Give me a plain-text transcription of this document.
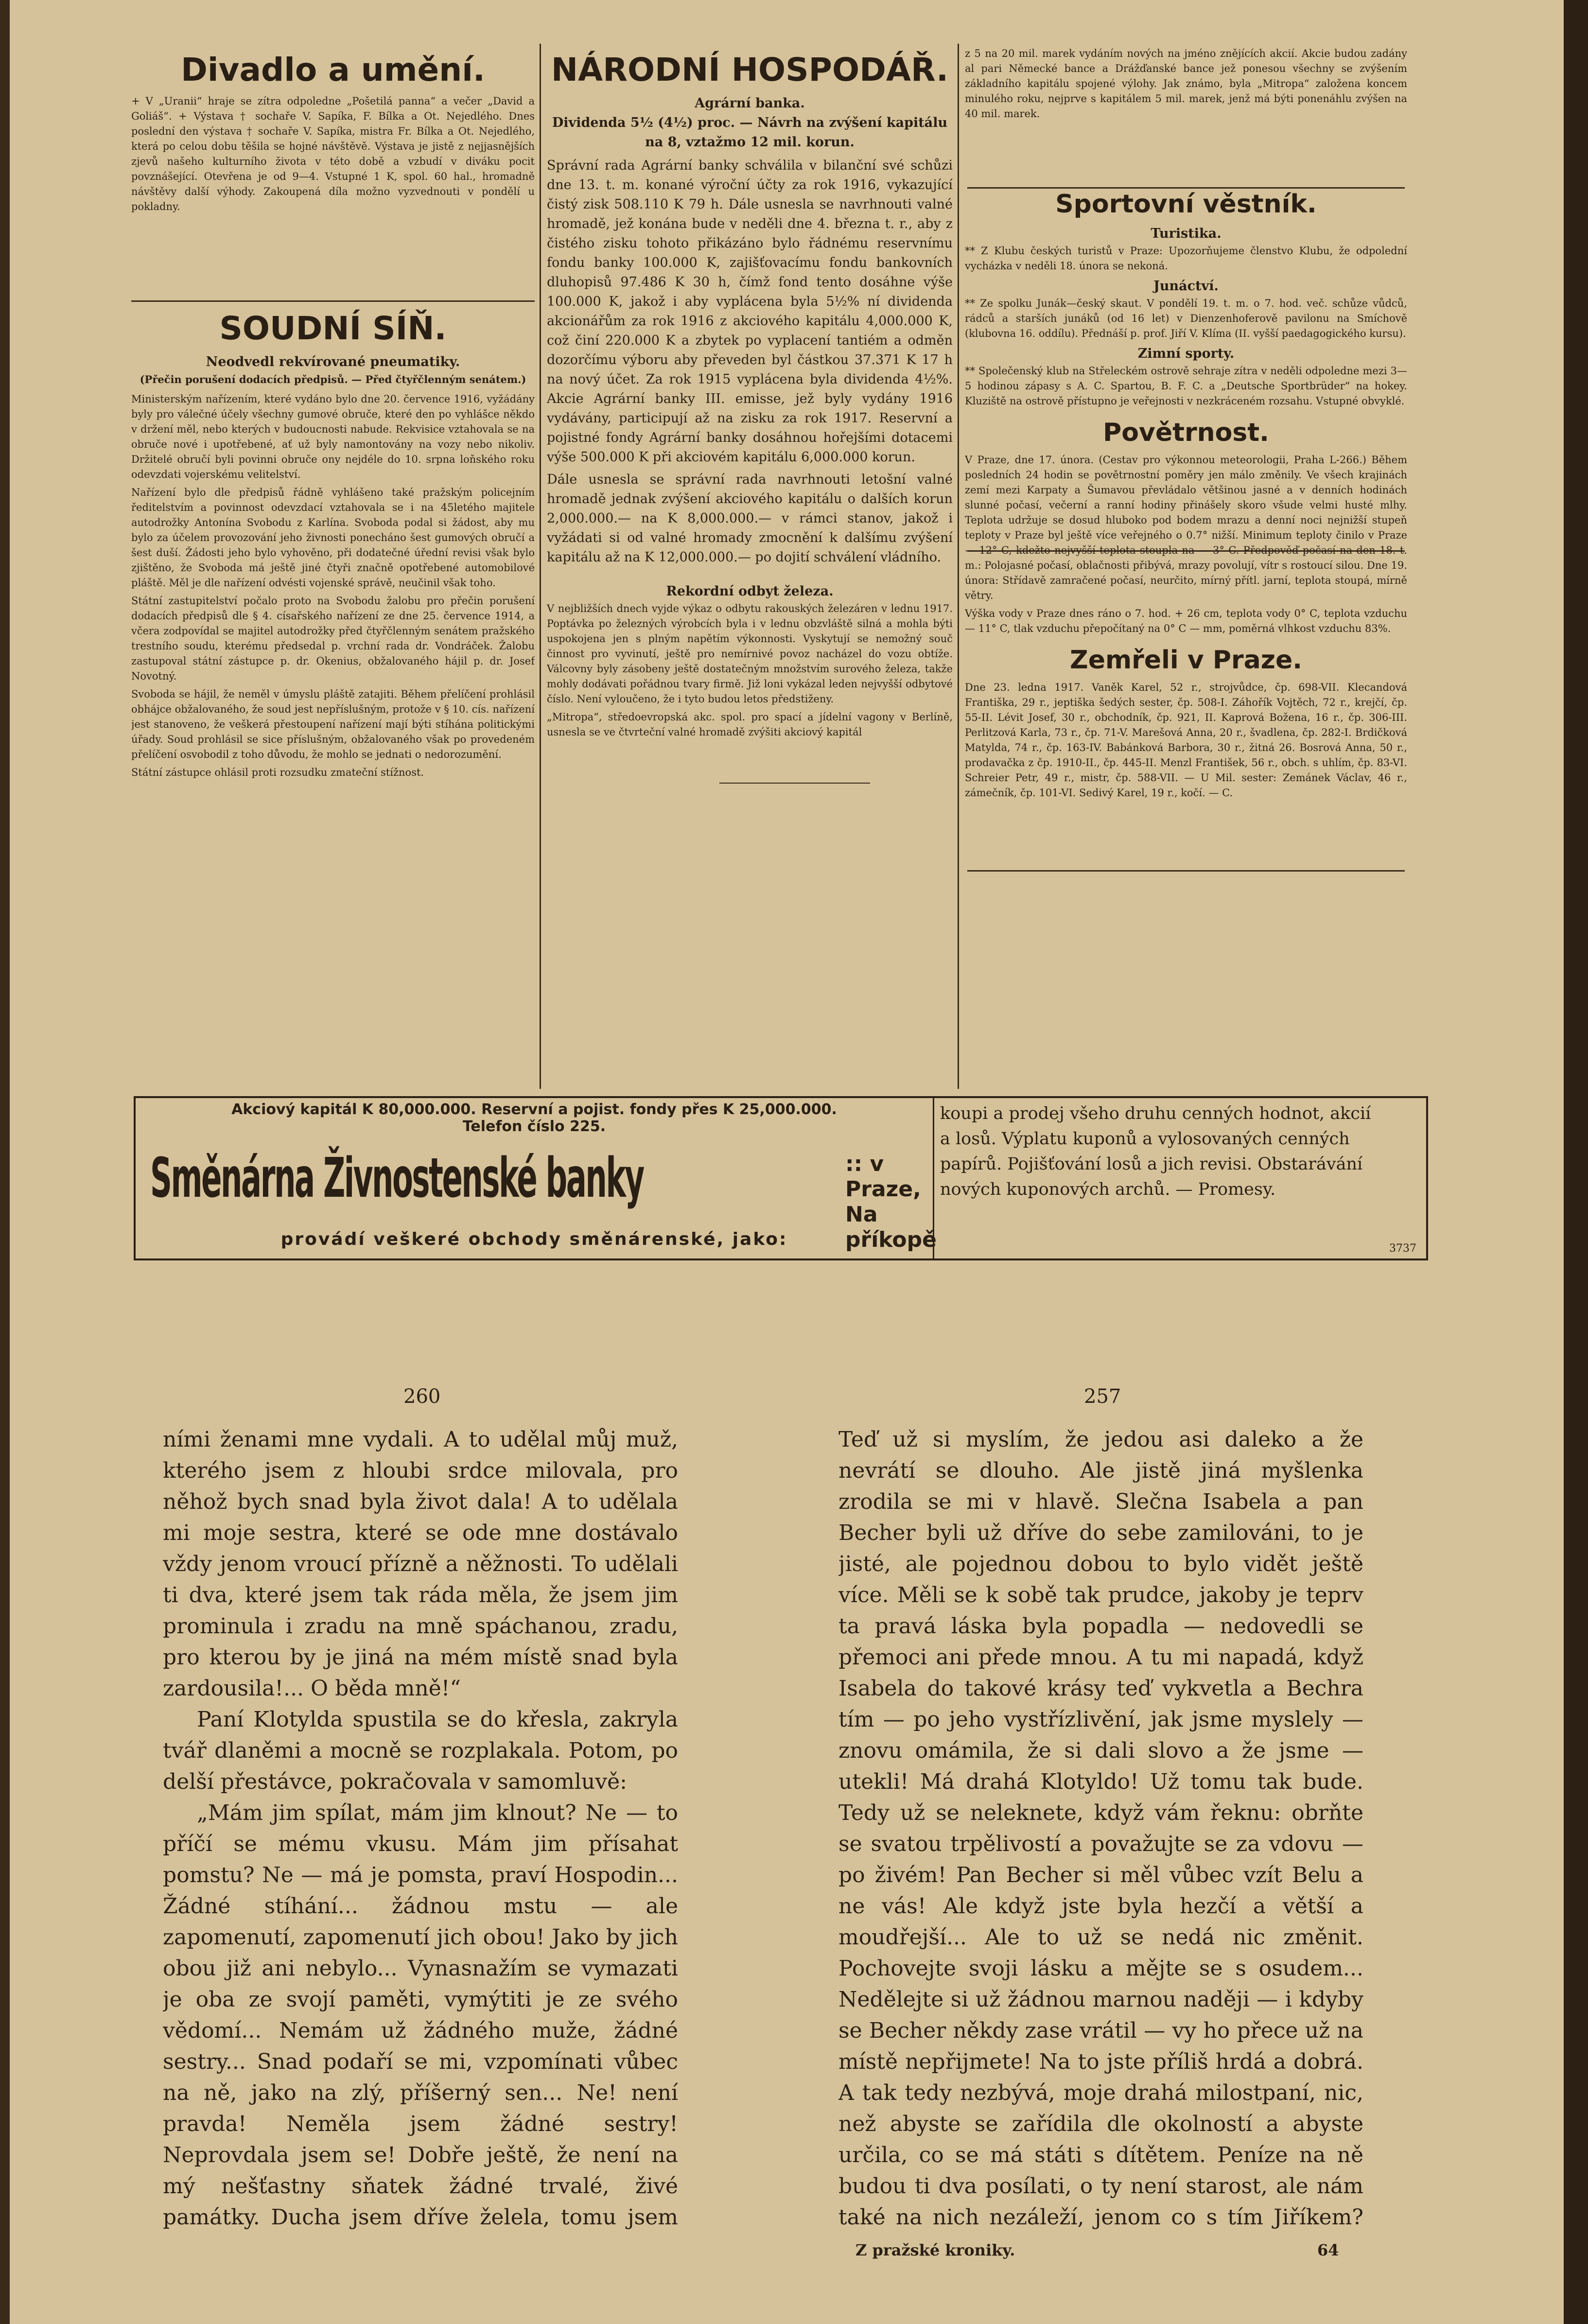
Divadlo a umění.

+ V „Uranii“ hraje se zítra odpoledne „Pošetilá panna“ a večer „David a Goliáš“. + Výstava † sochaře V. Sapíka, F. Bílka a Ot. Nejedlého. Dnes poslední den výstava † sochaře V. Sapíka, mistra Fr. Bílka a Ot. Nejedlého, která po celou dobu těšila se hojné návštěvě. Výstava je jistě z nejjasnějších zjevů našeho kulturního života v této době a vzbudí v diváku pocit povznášející. Otevřena je od 9—4. Vstupné 1 K, spol. 60 hal., hromadně návštěvy další výhody. Zakoupená díla možno vyzvednouti v pondělí u pokladny.

SOUDNÍ SÍŇ.
Neodvedl rekvírované pneumatiky.
(Přečin porušení dodacích předpisů. — Před čtyřčlenným senátem.)

Ministerským nařízením, které vydáno bylo dne 20. července 1916, vyžádány byly pro válečné účely všechny gumové obruče, které den po vyhlášce někdo v držení měl, nebo kterých v budoucnosti nabude. Rekvisice vztahovala se na obruče nové i upotřebené, ať už byly namontovány na vozy nebo nikoliv. Držitelé obručí byli povinni obruče ony nejdéle do 10. srpna loňského roku odevzdati vojerskému velitelství.

Nařízení bylo dle předpisů řádně vyhlášeno také pražským policejním ředitelstvím a povinnost odevzdací vztahovala se i na 45letého majitele autodrožky Antonína Svobodu z Karlína. Svoboda podal si žádost, aby mu bylo za účelem provozování jeho živnosti ponecháno šest gumových obručí a šest duší. Žádosti jeho bylo vyhověno, při dodatečné úřední revisi však bylo zjištěno, že Svoboda má ještě jiné čtyři značně opotřebené automobilové pláště. Měl je dle nařízení odvésti vojenské správě, neučinil však toho.

Státní zastupitelství počalo proto na Svobodu žalobu pro přečin porušení dodacích předpisů dle § 4. císařského nařízení ze dne 25. července 1914, a včera zodpovídal se majitel autodrožky před čtyřčlenným senátem pražského trestního soudu, kterému předsedal p. vrchní rada dr. Vondráček. Žalobu zastupoval státní zástupce p. dr. Okenius, obžalovaného hájil p. dr. Josef Novotný.

Svoboda se hájil, že neměl v úmyslu pláště zatajiti. Během přelíčení prohlásil obhájce obžalovaného, že soud jest nepříslušným, protože v § 10. cís. nařízení jest stanoveno, že veškerá přestoupení nařízení mají býti stíhána politickými úřady. Soud prohlásil se sice příslušným, obžalovaného však po provedeném přelíčení osvobodil z toho důvodu, že mohlo se jednati o nedorozumění.

Státní zástupce ohlásil proti rozsudku zmateční stížnost.

NÁRODNÍ HOSPODÁŘ.
Agrární banka.
Dividenda 5½ (4½) proc. — Návrh na zvýšení kapitálu na 8, vztažmo 12 mil. korun.

Správní rada Agrární banky schválila v bilanční své schůzi dne 13. t. m. konané výroční účty za rok 1916, vykazující čistý zisk 508.110 K 79 h. Dále usnesla se navrhnouti valné hromadě, jež konána bude v neděli dne 4. března t. r., aby z čistého zisku tohoto přikázáno bylo řádnému reservnímu fondu banky 100.000 K, zajišťovacímu fondu bankovních dluhopisů 97.486 K 30 h, čímž fond tento dosáhne výše 100.000 K, jakož i aby vyplácena byla 5½% ní dividenda akcionářům za rok 1916 z akciového kapitálu 4,000.000 K, což činí 220.000 K a zbytek po vyplacení tantiém a odměn dozorčímu výboru aby převeden byl částkou 37.371 K 17 h na nový účet. Za rok 1915 vyplácena byla dividenda 4½%. Akcie Agrární banky III. emisse, jež byly vydány 1916 vydávány, participují až na zisku za rok 1917. Reservní a pojistné fondy Agrární banky dosáhnou hořejšími dotacemi výše 500.000 K při akciovém kapitálu 6,000.000 korun.

Dále usnesla se správní rada navrhnouti letošní valné hromadě jednak zvýšení akciového kapitálu o dalších korun 2,000.000.— na K 8,000.000.— v rámci stanov, jakož i vyžádati si od valné hromady zmocnění k dalšímu zvýšení kapitálu až na K 12,000.000.— po dojití schválení vládního.

Rekordní odbyt železa.

V nejbližších dnech vyjde výkaz o odbytu rakouských železáren v lednu 1917. Poptávka po železných výrobcích byla i v lednu obzvláště silná a mohla býti uspokojena jen s plným napětím výkonnosti. Vyskytují se nemožný souč činnost pro vyvinutí, ještě pro nemírnivé povoz nacházel do vozu obtíže. Válcovny byly zásobeny ještě dostatečným množstvím surového železa, takže mohly dodávati pořádnou tvary firmě. Již loni vykázal leden nejvyšší odbytové číslo. Není vyloučeno, že i tyto budou letos předstiženy.

„Mitropa“, středoevropská akc. spol. pro spací a jídelní vagony v Berlíně, usnesla se ve čtvrteční valné hromadě zvýšiti akciový kapitál

z 5 na 20 mil. marek vydáním nových na jméno znějících akcií. Akcie budou zadány al pari Německé bance a Drážďanské bance jež ponesou všechny se zvýšením základního kapitálu spojené výlohy. Jak známo, byla „Mitropa“ založena koncem minulého roku, nejprve s kapitálem 5 mil. marek, jenž má býti ponenáhlu zvýšen na 40 mil. marek.

Sportovní věstník.
Turistika.

** Z Klubu českých turistů v Praze: Upozorňujeme členstvo Klubu, že odpolední vycházka v neděli 18. února se nekoná.

Junáctví.

** Ze spolku Junák—český skaut. V pondělí 19. t. m. o 7. hod. več. schůze vůdců, rádců a starších junáků (od 16 let) v Dienzenhoferově pavilonu na Smíchově (klubovna 16. oddílu). Přednáší p. prof. Jiří V. Klíma (II. vyšší paedagogického kursu).

Zimní sporty.

** Společenský klub na Střeleckém ostrově sehraje zítra v neděli odpoledne mezi 3—5 hodinou zápasy s A. C. Spartou, B. F. C. a „Deutsche Sportbrüder“ na hokey. Kluziště na ostrově přístupno je veřejnosti v nezkráceném rozsahu. Vstupné obvyklé.

Povětrnost.

V Praze, dne 17. února. (Cestav pro výkonnou meteorologii, Praha L-266.) Během posledních 24 hodin se povětrnostní poměry jen málo změnily. Ve všech krajinách zemí mezi Karpaty a Šumavou převládalo většinou jasné a v denních hodinách slunné počasí, večerní a ranní hodiny přinášely skoro všude velmi husté mlhy. Teplota udržuje se dosud hluboko pod bodem mrazu a denní noci nejnižší stupeň teploty v Praze byl ještě více veřejného o 0.7° nižší. Minimum teploty činilo v Praze — 12° C, kdežto nejvyšší teplota stoupla na — 3° C. Předpověď počasí na den 18. t. m.: Polojasné počasí, oblačnosti přibývá, mrazy povolují, vítr s rostoucí silou. Dne 19. února: Střídavě zamračené počasí, neurčito, mírný přítl. jarní, teplota stoupá, mírně větry.

Výška vody v Praze dnes ráno o 7. hod. + 26 cm, teplota vody 0° C, teplota vzduchu — 11° C, tlak vzduchu přepočítaný na 0° C — mm, poměrná vlhkost vzduchu 83%.

Zemřeli v Praze.

Dne 23. ledna 1917. Vaněk Karel, 52 r., strojvůdce, čp. 698-VII. Klecandová Františka, 29 r., jeptiška šedých sester, čp. 508-I. Záhořík Vojtěch, 72 r., krejčí, čp. 55-II. Lévit Josef, 30 r., obchodník, čp. 921, II. Kaprová Božena, 16 r., čp. 306-III. Perlitzová Karla, 73 r., čp. 71-V. Marešová Anna, 20 r., švadlena, čp. 282-I. Brdičková Matylda, 74 r., čp. 163-IV. Babánková Barbora, 30 r., žitná 26. Bosrová Anna, 50 r., prodavačka z čp. 1910-II., čp. 445-II. Menzl František, 56 r., obch. s uhlím, čp. 83-VI. Schreier Petr, 49 r., mistr, čp. 588-VII. — U Mil. sester: Zemánek Václav, 46 r., zámečník, čp. 101-VI. Sedivý Karel, 19 r., kočí. — C.

Akciový kapitál K 80,000.000. Reservní a pojist. fondy přes K 25,000.000.
Telefon číslo 225.
Směnárna Živnostenské banky	:: v Praze,
Na příkopě
provádí veškeré obchody směnárenské, jako:

koupi a prodej všeho druhu cenných hodnot, akcií a losů. Výplatu kuponů a vylosovaných cenných papírů. Pojišťování losů a jich revisi. Obstarávání nových kuponových archů. — Promesy.

3737
260	257

ními ženami mne vydali. A to udělal můj muž, kterého jsem z hloubi srdce milovala, pro něhož bych snad byla život dala! A to udělala mi moje sestra, které se ode mne dostávalo vždy jenom vroucí přízně a něžnosti. To udělali ti dva, které jsem tak ráda měla, že jsem jim prominula i zradu na mně spáchanou, zradu, pro kterou by je jiná na mém místě snad byla zardousila!... O běda mně!“

Paní Klotylda spustila se do křesla, zakryla tvář dlaněmi a mocně se rozplakala. Potom, po delší přestávce, pokračovala v samomluvě:

„Mám jim spílat, mám jim klnout? Ne — to příčí se mému vkusu. Mám jim přísahat pomstu? Ne — má je pomsta, praví Hospodin... Žádné stíhání... žádnou mstu — ale zapomenutí, zapomenutí jich obou! Jako by jich obou již ani nebylo... Vynasnažím se vymazati je oba ze svojí paměti, vymýtiti je ze svého vědomí... Nemám už žádného muže, žádné sestry... Snad podaří se mi, vzpomínati vůbec na ně, jako na zlý, příšerný sen... Ne! není pravda! Neměla jsem žádné sestry! Neprovdala jsem se! Dobře ještě, že není na mý nešťastny sňatek žádné trvalé, živé památky. Ducha jsem dříve želela, tomu jsem

Teď už si myslím, že jedou asi daleko a že nevrátí se dlouho. Ale jistě jiná myšlenka zrodila se mi v hlavě. Slečna Isabela a pan Becher byli už dříve do sebe zamilováni, to je jisté, ale pojednou dobou to bylo vidět ještě více. Měli se k sobě tak prudce, jakoby je teprv ta pravá láska byla popadla — nedovedli se přemoci ani přede mnou. A tu mi napadá, když Isabela do takové krásy teď vykvetla a Bechra tím — po jeho vystřízlivění, jak jsme myslely — znovu omámila, že si dali slovo a že jsme — utekli! Má drahá Klotyldo! Už tomu tak bude. Tedy už se neleknete, když vám řeknu: obrňte se svatou trpělivostí a považujte se za vdovu — po živém! Pan Becher si měl vůbec vzít Belu a ne vás! Ale když jste byla hezčí a větší a moudřejší... Ale to už se nedá nic změnit. Pochovejte svoji lásku a mějte se s osudem... Nedělejte si už žádnou marnou naději — i kdyby se Becher někdy zase vrátil — vy ho přece už na místě nepřijmete! Na to jste příliš hrdá a dobrá. A tak tedy nezbývá, moje drahá milostpaní, nic, než abyste se zařídila dle okolností a abyste určila, co se má státi s dítětem. Peníze na ně budou ti dva posílati, o ty není starost, ale nám také na nich nezáleží, jenom co s tím Jiříkem?

Z pražské kroniky.	64
